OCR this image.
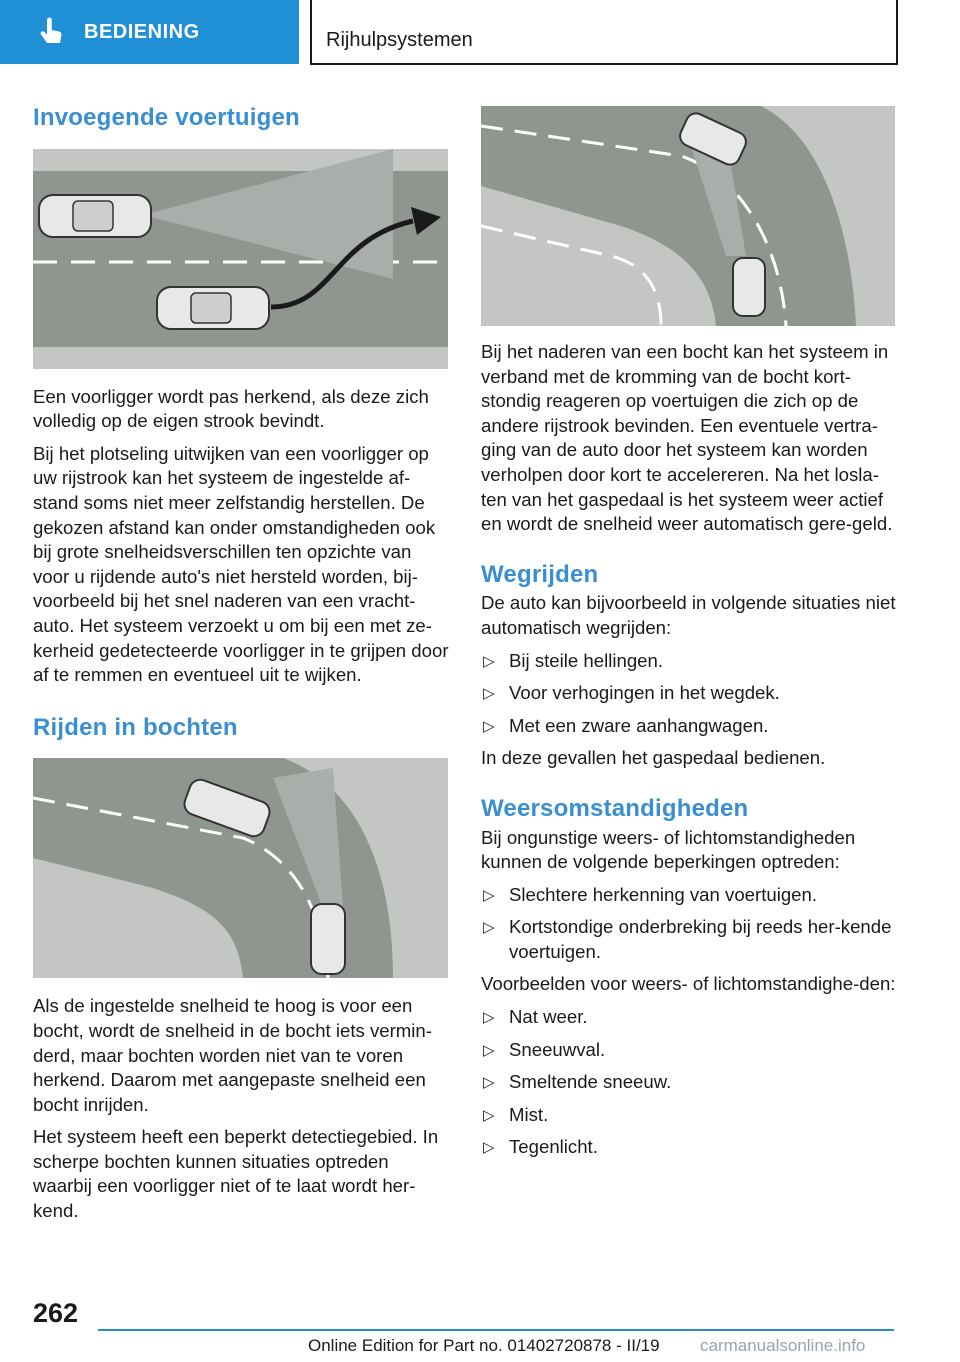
BEDIENING	Rijhulpsystemen
Invoegende voertuigen

Een voorligger wordt pas herkend, als deze zich volledig op de eigen strook bevindt.

Bij het plotseling uitwijken van een voorligger op uw rijstrook kan het systeem de ingestelde af-stand soms niet meer zelfstandig herstellen. De gekozen afstand kan onder omstandigheden ook bij grote snelheidsverschillen ten opzichte van voor u rijdende auto's niet hersteld worden, bij-voorbeeld bij het snel naderen van een vracht-auto. Het systeem verzoekt u om bij een met ze-kerheid gedetecteerde voorligger in te grijpen door af te remmen en eventueel uit te wijken.

Rijden in bochten

Als de ingestelde snelheid te hoog is voor een bocht, wordt de snelheid in de bocht iets vermin-derd, maar bochten worden niet van te voren herkend. Daarom met aangepaste snelheid een bocht inrijden.

Het systeem heeft een beperkt detectiegebied. In scherpe bochten kunnen situaties optreden waarbij een voorligger niet of te laat wordt her-kend.

Bij het naderen van een bocht kan het systeem in verband met de kromming van de bocht kort-stondig reageren op voertuigen die zich op de andere rijstrook bevinden. Een eventuele vertra-ging van de auto door het systeem kan worden verholpen door kort te accelereren. Na het losla-ten van het gaspedaal is het systeem weer actief en wordt de snelheid weer automatisch gere-geld.

Wegrijden

De auto kan bijvoorbeeld in volgende situaties niet automatisch wegrijden:

▷ Bij steile hellingen.
▷ Voor verhogingen in het wegdek.
▷ Met een zware aanhangwagen.

In deze gevallen het gaspedaal bedienen.

Weersomstandigheden

Bij ongunstige weers- of lichtomstandigheden kunnen de volgende beperkingen optreden:

▷ Slechtere herkenning van voertuigen.
▷ Kortstondige onderbreking bij reeds her-kende voertuigen.

Voorbeelden voor weers- of lichtomstandighe-den:

▷ Nat weer.
▷ Sneeuwval.
▷ Smeltende sneeuw.
▷ Mist.
▷ Tegenlicht.
262
Online Edition for Part no. 01402720878 - II/19 carmanualsonline.info
